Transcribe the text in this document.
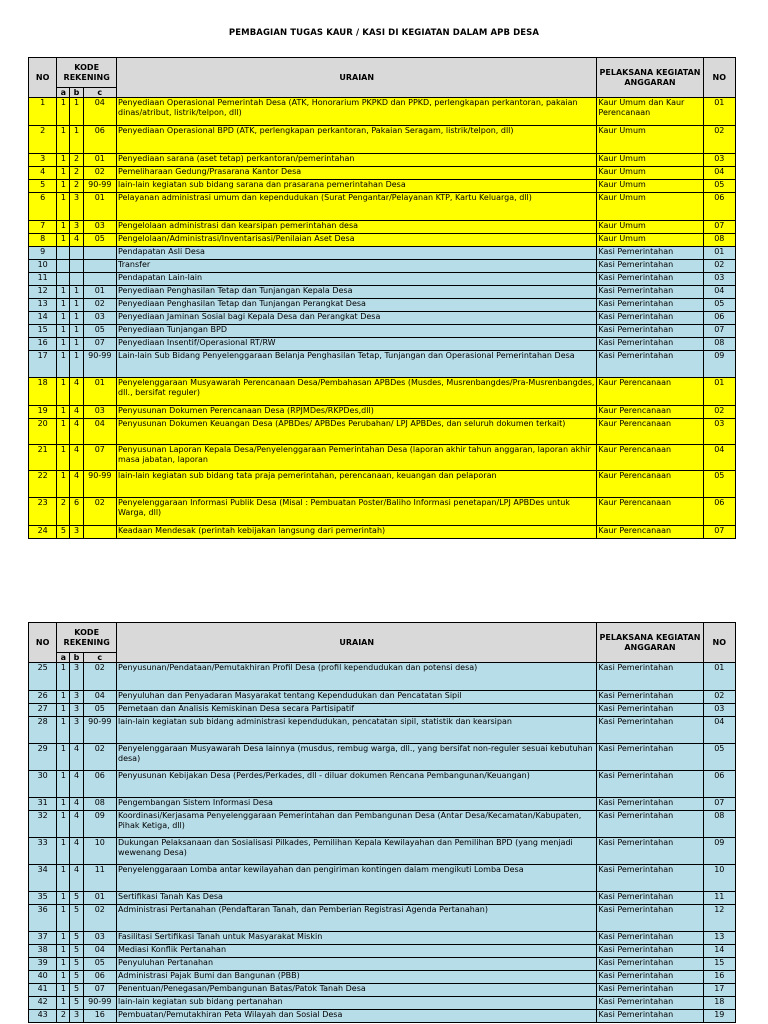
PEMBAGIAN TUGAS KAUR / KASI DI KEGIATAN DALAM APB DESA
NO	KODE REKENING			URAIAN	PELAKSANA KEGIATAN ANGGARAN	NO
	a	b	c			
1	1	1	04	Penyediaan Operasional Pemerintah Desa (ATK, Honorarium PKPKD dan PPKD, perlengkapan perkantoran, pakaian dinas/atribut, listrik/telpon, dll)	Kaur Umum dan Kaur Perencanaan	01
2	1	1	06	Penyediaan Operasional BPD (ATK, perlengkapan perkantoran, Pakaian Seragam, listrik/telpon, dll)	Kaur Umum	02
3	1	2	01	Penyediaan sarana (aset tetap) perkantoran/pemerintahan	Kaur Umum	03
4	1	2	02	Pemeliharaan Gedung/Prasarana Kantor Desa	Kaur Umum	04
5	1	2	90-99	lain-lain kegiatan sub bidang sarana dan prasarana pemerintahan Desa	Kaur Umum	05
6	1	3	01	Pelayanan administrasi umum dan kependudukan (Surat Pengantar/Pelayanan KTP, Kartu Keluarga, dll)	Kaur Umum	06
7	1	3	03	Pengelolaan administrasi dan kearsipan pemerintahan desa	Kaur Umum	07
8	1	4	05	Pengelolaan/Administrasi/Inventarisasi/Penilaian Aset Desa	Kaur Umum	08
9				Pendapatan Asli Desa	Kasi Pemerintahan	01
10				Transfer	Kasi Pemerintahan	02
11				Pendapatan Lain-lain	Kasi Pemerintahan	03
12	1	1	01	Penyediaan Penghasilan Tetap dan Tunjangan Kepala Desa	Kasi Pemerintahan	04
13	1	1	02	Penyediaan Penghasilan Tetap dan Tunjangan Perangkat Desa	Kasi Pemerintahan	05
14	1	1	03	Penyediaan Jaminan Sosial bagi Kepala Desa dan Perangkat Desa	Kasi Pemerintahan	06
15	1	1	05	Penyediaan Tunjangan BPD	Kasi Pemerintahan	07
16	1	1	07	Penyediaan Insentif/Operasional RT/RW	Kasi Pemerintahan	08
17	1	1	90-99	Lain-lain Sub Bidang Penyelenggaraan Belanja Penghasilan Tetap, Tunjangan dan Operasional Pemerintahan Desa	Kasi Pemerintahan	09
18	1	4	01	Penyelenggaraan Musyawarah Perencanaan Desa/Pembahasan APBDes (Musdes, Musrenbangdes/Pra-Musrenbangdes, dll., bersifat reguler)	Kaur Perencanaan	01
19	1	4	03	Penyusunan Dokumen Perencanaan Desa (RPJMDes/RKPDes,dll)	Kaur Perencanaan	02
20	1	4	04	Penyusunan Dokumen Keuangan Desa (APBDes/ APBDes Perubahan/ LPJ APBDes, dan seluruh dokumen terkait)	Kaur Perencanaan	03
21	1	4	07	Penyusunan Laporan Kepala Desa/Penyelenggaraan Pemerintahan Desa (laporan akhir tahun anggaran, laporan akhir masa jabatan, laporan	Kaur Perencanaan	04
22	1	4	90-99	lain-lain kegiatan sub bidang tata praja pemerintahan, perencanaan, keuangan dan pelaporan	Kaur Perencanaan	05
23	2	6	02	Penyelenggaraan Informasi Publik Desa (Misal : Pembuatan Poster/Baliho Informasi penetapan/LPJ APBDes untuk Warga, dll)	Kaur Perencanaan	06
24	5	3		Keadaan Mendesak (perintah kebijakan langsung dari pemerintah)	Kaur Perencanaan	07
NO	KODE REKENING			URAIAN	PELAKSANA KEGIATAN ANGGARAN	NO
	a	b	c			
25	1	3	02	Penyusunan/Pendataan/Pemutakhiran Profil Desa (profil kependudukan dan potensi desa)	Kasi Pemerintahan	01
26	1	3	04	Penyuluhan dan Penyadaran Masyarakat tentang Kependudukan dan Pencatatan Sipil	Kasi Pemerintahan	02
27	1	3	05	Pemetaan dan Analisis Kemiskinan Desa secara Partisipatif	Kasi Pemerintahan	03
28	1	3	90-99	lain-lain kegiatan sub bidang administrasi kependudukan, pencatatan sipil, statistik dan kearsipan	Kasi Pemerintahan	04
29	1	4	02	Penyelenggaraan Musyawarah Desa lainnya (musdus, rembug warga, dll., yang bersifat non-reguler sesuai kebutuhan desa)	Kasi Pemerintahan	05
30	1	4	06	Penyusunan Kebijakan Desa (Perdes/Perkades, dll - diluar dokumen Rencana Pembangunan/Keuangan)	Kasi Pemerintahan	06
31	1	4	08	Pengembangan Sistem Informasi Desa	Kasi Pemerintahan	07
32	1	4	09	Koordinasi/Kerjasama Penyelenggaraan Pemerintahan dan Pembangunan Desa (Antar Desa/Kecamatan/Kabupaten, Pihak Ketiga, dll)	Kasi Pemerintahan	08
33	1	4	10	Dukungan Pelaksanaan dan Sosialisasi Pilkades, Pemilihan Kepala Kewilayahan dan Pemilihan BPD (yang menjadi wewenang Desa)	Kasi Pemerintahan	09
34	1	4	11	Penyelenggaraan Lomba antar kewilayahan dan pengiriman kontingen dalam mengikuti Lomba Desa	Kasi Pemerintahan	10
35	1	5	01	Sertifikasi Tanah Kas Desa	Kasi Pemerintahan	11
36	1	5	02	Administrasi Pertanahan (Pendaftaran Tanah, dan Pemberian Registrasi Agenda Pertanahan)	Kasi Pemerintahan	12
37	1	5	03	Fasilitasi Sertifikasi Tanah untuk Masyarakat Miskin	Kasi Pemerintahan	13
38	1	5	04	Mediasi Konflik Pertanahan	Kasi Pemerintahan	14
39	1	5	05	Penyuluhan Pertanahan	Kasi Pemerintahan	15
40	1	5	06	Administrasi Pajak Bumi dan Bangunan (PBB)	Kasi Pemerintahan	16
41	1	5	07	Penentuan/Penegasan/Pembangunan Batas/Patok Tanah Desa	Kasi Pemerintahan	17
42	1	5	90-99	lain-lain kegiatan sub bidang pertanahan	Kasi Pemerintahan	18
43	2	3	16	Pembuatan/Pemutakhiran Peta Wilayah dan Sosial Desa	Kasi Pemerintahan	19
